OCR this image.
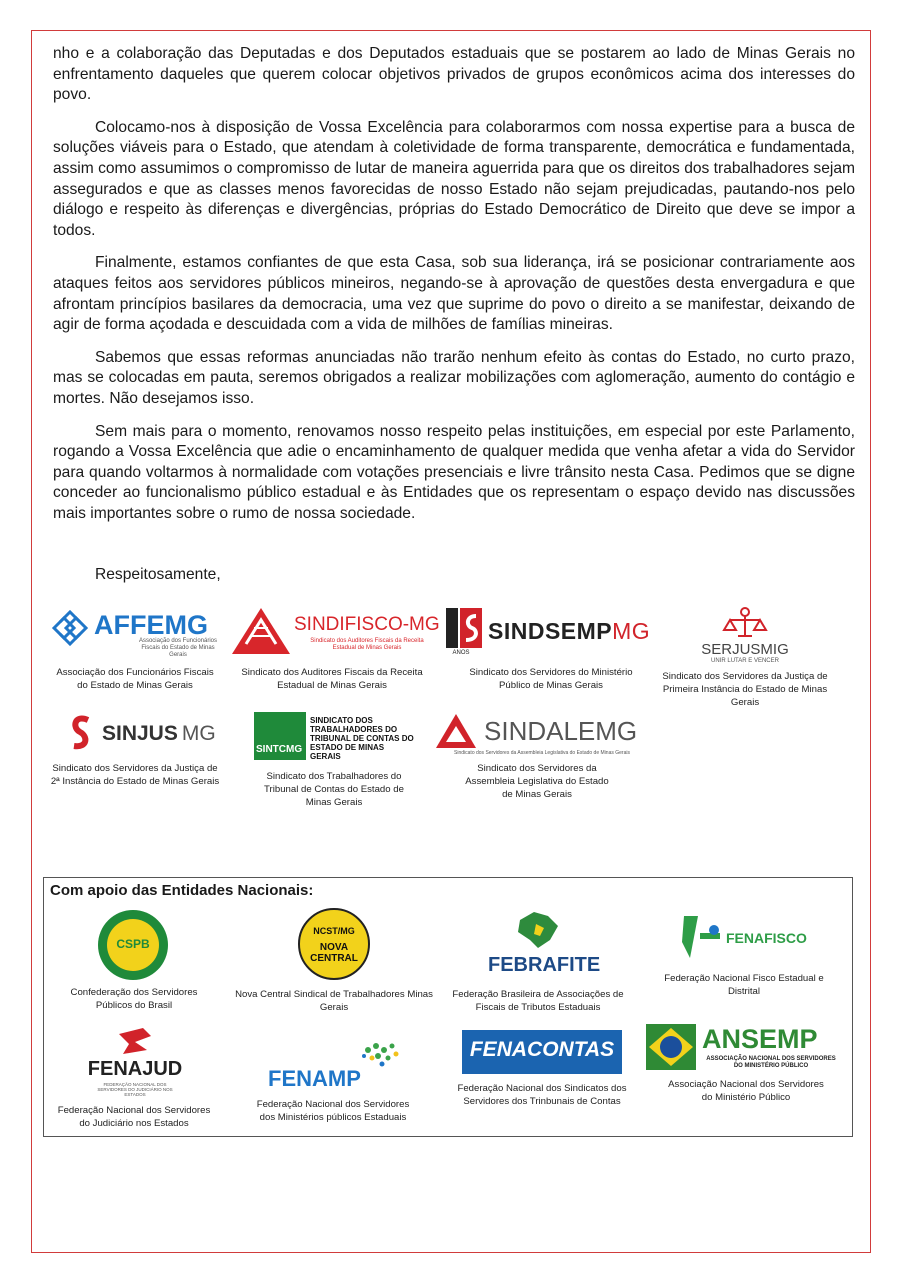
nho e a colaboração das Deputadas e dos Deputados estaduais que se postarem ao lado de Minas Gerais no enfrentamento daqueles que querem colocar objetivos privados de grupos econômicos acima dos interesses do povo.

Colocamo-nos à disposição de Vossa Excelência para colaborarmos com nossa expertise para a busca de soluções viáveis para o Estado, que atendam à coletividade de forma transparente, democrática e fundamentada, assim como assumimos o compromisso de lutar de maneira aguerrida para que os direitos dos trabalhadores sejam assegurados e que as classes menos favorecidas de nosso Estado não sejam prejudicadas, pautando-nos pelo diálogo e respeito às diferenças e divergências, próprias do Estado Democrático de Direito que deve se impor a todos.

Finalmente, estamos confiantes de que esta Casa, sob sua liderança, irá se posicionar contrariamente aos ataques feitos aos servidores públicos mineiros, negando-se à aprovação de questões desta envergadura e que afrontam princípios basilares da democracia, uma vez que suprime do povo o direito a se manifestar, deixando de agir de forma açodada e descuidada com a vida de milhões de famílias mineiras.

Sabemos que essas reformas anunciadas não trarão nenhum efeito às contas do Estado, no curto prazo, mas se colocadas em pauta, seremos obrigados a realizar mobilizações com aglomeração, aumento do contágio e mortes. Não desejamos isso.

Sem mais para o momento, renovamos nosso respeito pelas instituições, em especial por este Parlamento, rogando a Vossa Excelência que adie o encaminhamento de qualquer medida que venha afetar a vida do Servidor para quando voltarmos à normalidade com votações presenciais e livre trânsito nesta Casa. Pedimos que se digne conceder ao funcionalismo público estadual e às Entidades que os representam o espaço devido nas discussões mais importantes sobre o rumo de nossa sociedade.

Respeitosamente,
AFFEMG
Associação dos Funcionários Fiscais do Estado de Minas Gerais
Associação dos Funcionários Fiscais do Estado de Minas Gerais
SINDIFISCO-MG
Sindicato dos Auditores Fiscais da Receita Estadual de Minas Gerais
Sindicato dos Auditores Fiscais da Receita Estadual de Minas Gerais
ANOS
SINDSEMPMG
Sindicato dos Servidores do Ministério Público de Minas Gerais
SERJUSMIG
UNIR LUTAR E VENCER
Sindicato dos Servidores da Justiça de Primeira Instância do Estado de Minas Gerais
SINJUS MG
Sindicato dos Servidores da Justiça de 2ª Instância do Estado de Minas Gerais
SINTCMG
SINDICATO DOS TRABALHADORES DO TRIBUNAL DE CONTAS DO ESTADO DE MINAS GERAIS
Sindicato dos Trabalhadores do Tribunal de Contas do Estado de Minas Gerais
SINDALEMG
Sindicato dos Servidores da Assembleia Legislativa do Estado de Minas Gerais
Sindicato dos Servidores da Assembleia Legislativa do Estado de Minas Gerais
Com apoio das Entidades Nacionais:
CSPB
Confederação dos Servidores Públicos do Brasil
NCST/MG
NOVA CENTRAL
Nova Central Sindical de Trabalhadores Minas Gerais
FEBRAFITE
Federação Brasileira de Associações de Fiscais de Tributos Estaduais
FENAFISCO
Federação Nacional Fisco Estadual e Distrital
FENAJUD
FEDERAÇÃO NACIONAL DOS SERVIDORES DO JUDICIÁRIO NOS ESTADOS
Federação Nacional dos Servidores do Judiciário nos Estados
FENAMP
Federação Nacional dos Servidores dos Ministérios públicos Estaduais
FENACONTAS
Federação Nacional dos Sindicatos dos Servidores dos Trinbunais de Contas
ANSEMP
ASSOCIAÇÃO NACIONAL DOS SERVIDORES DO MINISTÉRIO PÚBLICO
Associação Nacional dos Servidores do Ministério Público
